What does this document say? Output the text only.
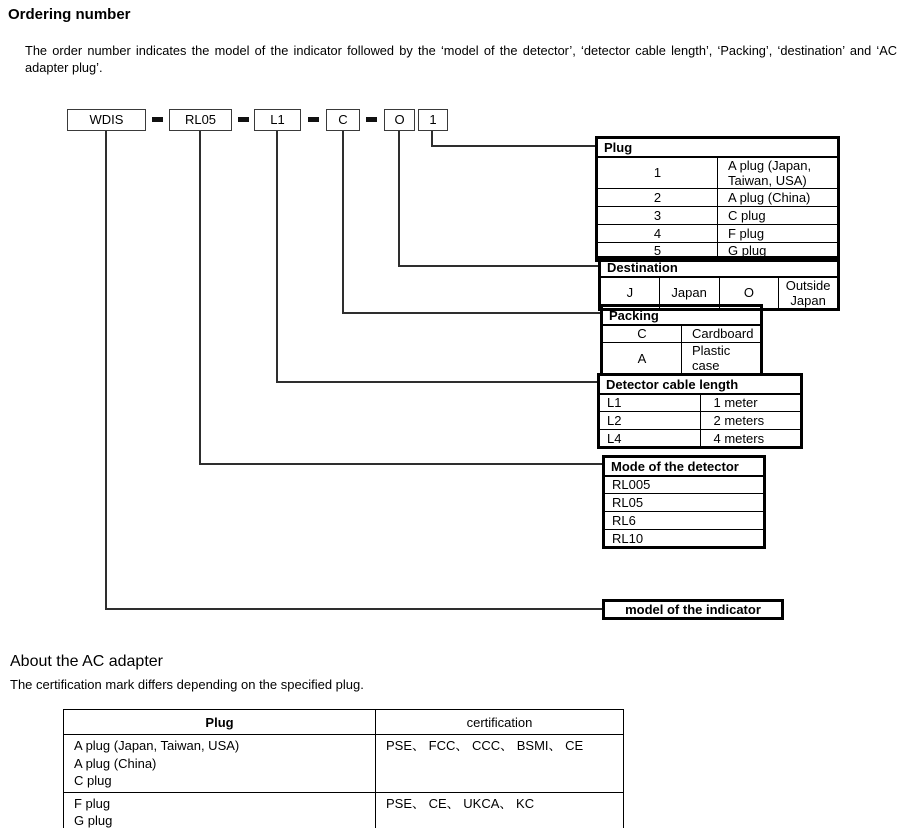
Ordering number
The order number indicates the model of the indicator followed by the ‘model of the detector’, ‘detector cable length’, ‘Packing’, ‘destination’ and ‘AC adapter plug’.
WDIS	RL05	L1	C	O	1
Plug	
1	A plug (Japan, Taiwan, USA)
2	A plug (China)
3	C plug
4	F plug
5	G plug
Destination
J	Japan	O	Outside Japan
Packing	
C	Cardboard
A	Plastic case
Detector cable length	
L1	1 meter
L2	2 meters
L4	4 meters
Mode of the detector
RL005
RL05
RL6
RL10
model of the indicator
About the AC adapter
The certification mark differs depending on the specified plug.
Plug	certification

A plug (Japan, Taiwan, USA)
A plug (China)
C plug	PSE、 FCC、 CCC、 BSMI、 CE

F plug
G plug	PSE、 CE、 UKCA、 KC
